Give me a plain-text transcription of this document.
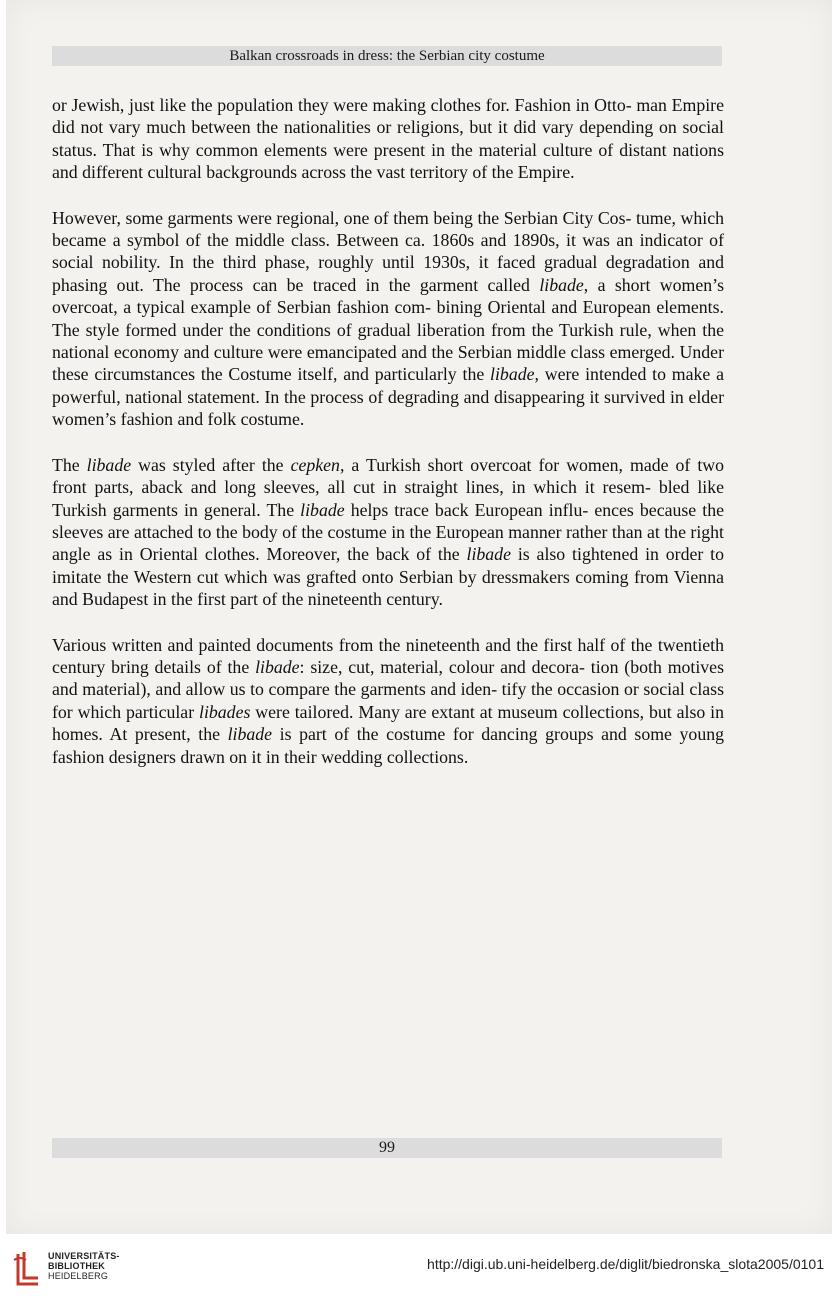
Balkan crossroads in dress: the Serbian city costume

or Jewish, just like the population they were making clothes for. Fashion in Otto- man Empire did not vary much between the nationalities or religions, but it did vary depending on social status. That is why common elements were present in the material culture of distant nations and different cultural backgrounds across the vast territory of the Empire.

However, some garments were regional, one of them being the Serbian City Cos- tume, which became a symbol of the middle class. Between ca. 1860s and 1890s, it was an indicator of social nobility. In the third phase, roughly until 1930s, it faced gradual degradation and phasing out. The process can be traced in the garment called libade, a short women’s overcoat, a typical example of Serbian fashion com- bining Oriental and European elements. The style formed under the conditions of gradual liberation from the Turkish rule, when the national economy and culture were emancipated and the Serbian middle class emerged. Under these circumstances the Costume itself, and particularly the libade, were intended to make a powerful, national statement. In the process of degrading and disappearing it survived in elder women’s fashion and folk costume.

The libade was styled after the cepken, a Turkish short overcoat for women, made of two front parts, aback and long sleeves, all cut in straight lines, in which it resem- bled like Turkish garments in general. The libade helps trace back European influ- ences because the sleeves are attached to the body of the costume in the European manner rather than at the right angle as in Oriental clothes. Moreover, the back of the libade is also tightened in order to imitate the Western cut which was grafted onto Serbian by dressmakers coming from Vienna and Budapest in the first part of the nineteenth century.

Various written and painted documents from the nineteenth and the first half of the twentieth century bring details of the libade: size, cut, material, colour and decora- tion (both motives and material), and allow us to compare the garments and iden- tify the occasion or social class for which particular libades were tailored. Many are extant at museum collections, but also in homes. At present, the libade is part of the costume for dancing groups and some young fashion designers drawn on it in their wedding collections.

99
UNIVERSITÄTS-
BIBLIOTHEK
HEIDELBERG
http://digi.ub.uni-heidelberg.de/diglit/biedronska_slota2005/0101
